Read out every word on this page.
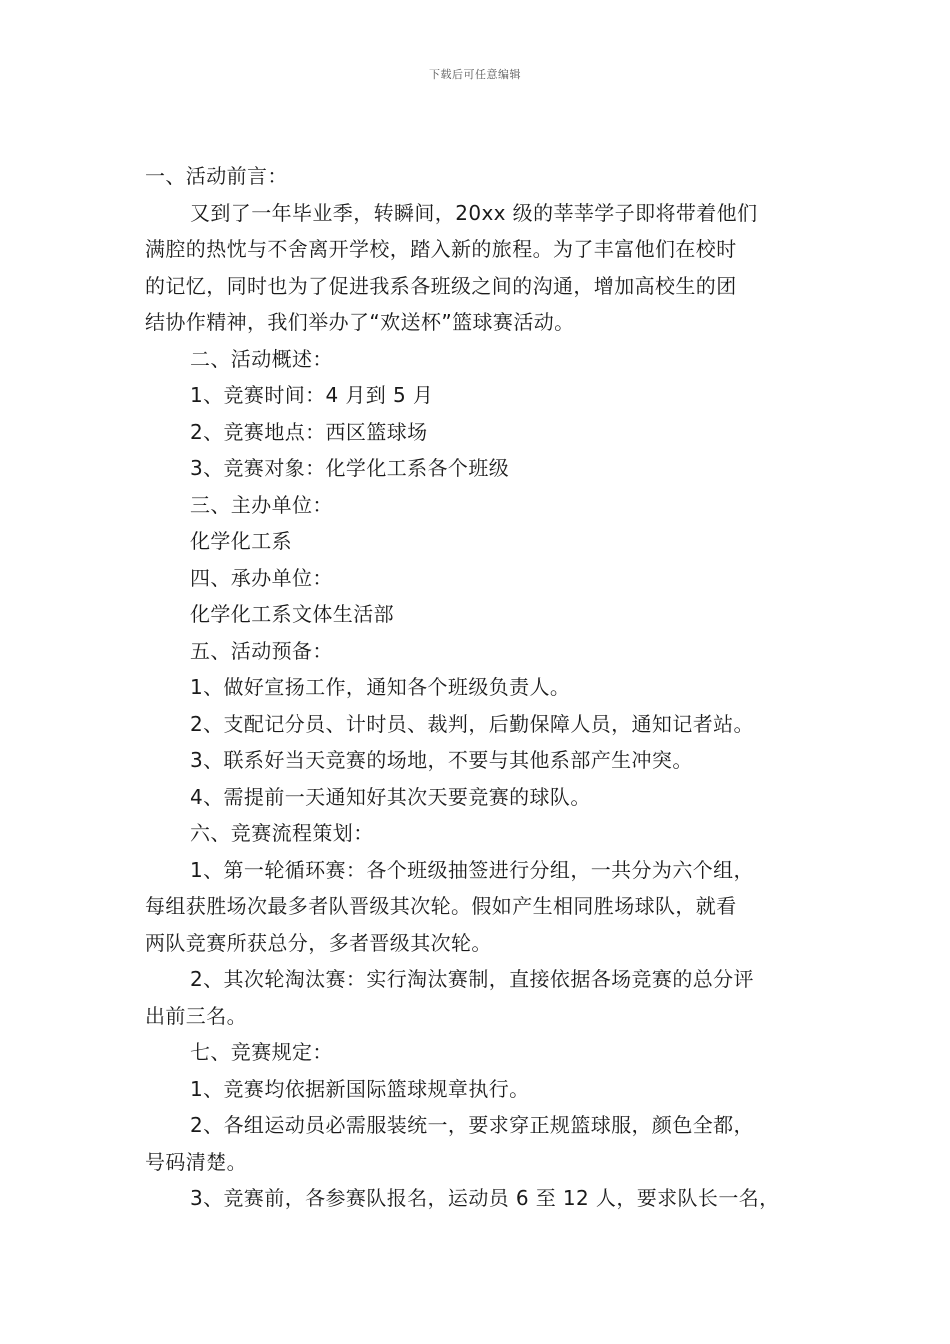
下载后可任意编辑
一、活动前言：
又到了一年毕业季，转瞬间，20xx 级的莘莘学子即将带着他们
满腔的热忱与不舍离开学校，踏入新的旅程。为了丰富他们在校时
的记忆，同时也为了促进我系各班级之间的沟通，增加高校生的团
结协作精神，我们举办了“欢送杯”篮球赛活动。
二、活动概述：
1、竞赛时间：4 月到 5 月
2、竞赛地点：西区篮球场
3、竞赛对象：化学化工系各个班级
三、主办单位：
化学化工系
四、承办单位：
化学化工系文体生活部
五、活动预备：
1、做好宣扬工作，通知各个班级负责人。
2、支配记分员、计时员、裁判，后勤保障人员，通知记者站。
3、联系好当天竞赛的场地，不要与其他系部产生冲突。
4、需提前一天通知好其次天要竞赛的球队。
六、竞赛流程策划：
1、第一轮循环赛：各个班级抽签进行分组，一共分为六个组，
每组获胜场次最多者队晋级其次轮。假如产生相同胜场球队，就看
两队竞赛所获总分，多者晋级其次轮。
2、其次轮淘汰赛：实行淘汰赛制，直接依据各场竞赛的总分评
出前三名。
七、竞赛规定：
1、竞赛均依据新国际篮球规章执行。
2、各组运动员必需服装统一，要求穿正规篮球服，颜色全都，
号码清楚。
3、竞赛前，各参赛队报名，运动员 6 至 12 人，要求队长一名，
